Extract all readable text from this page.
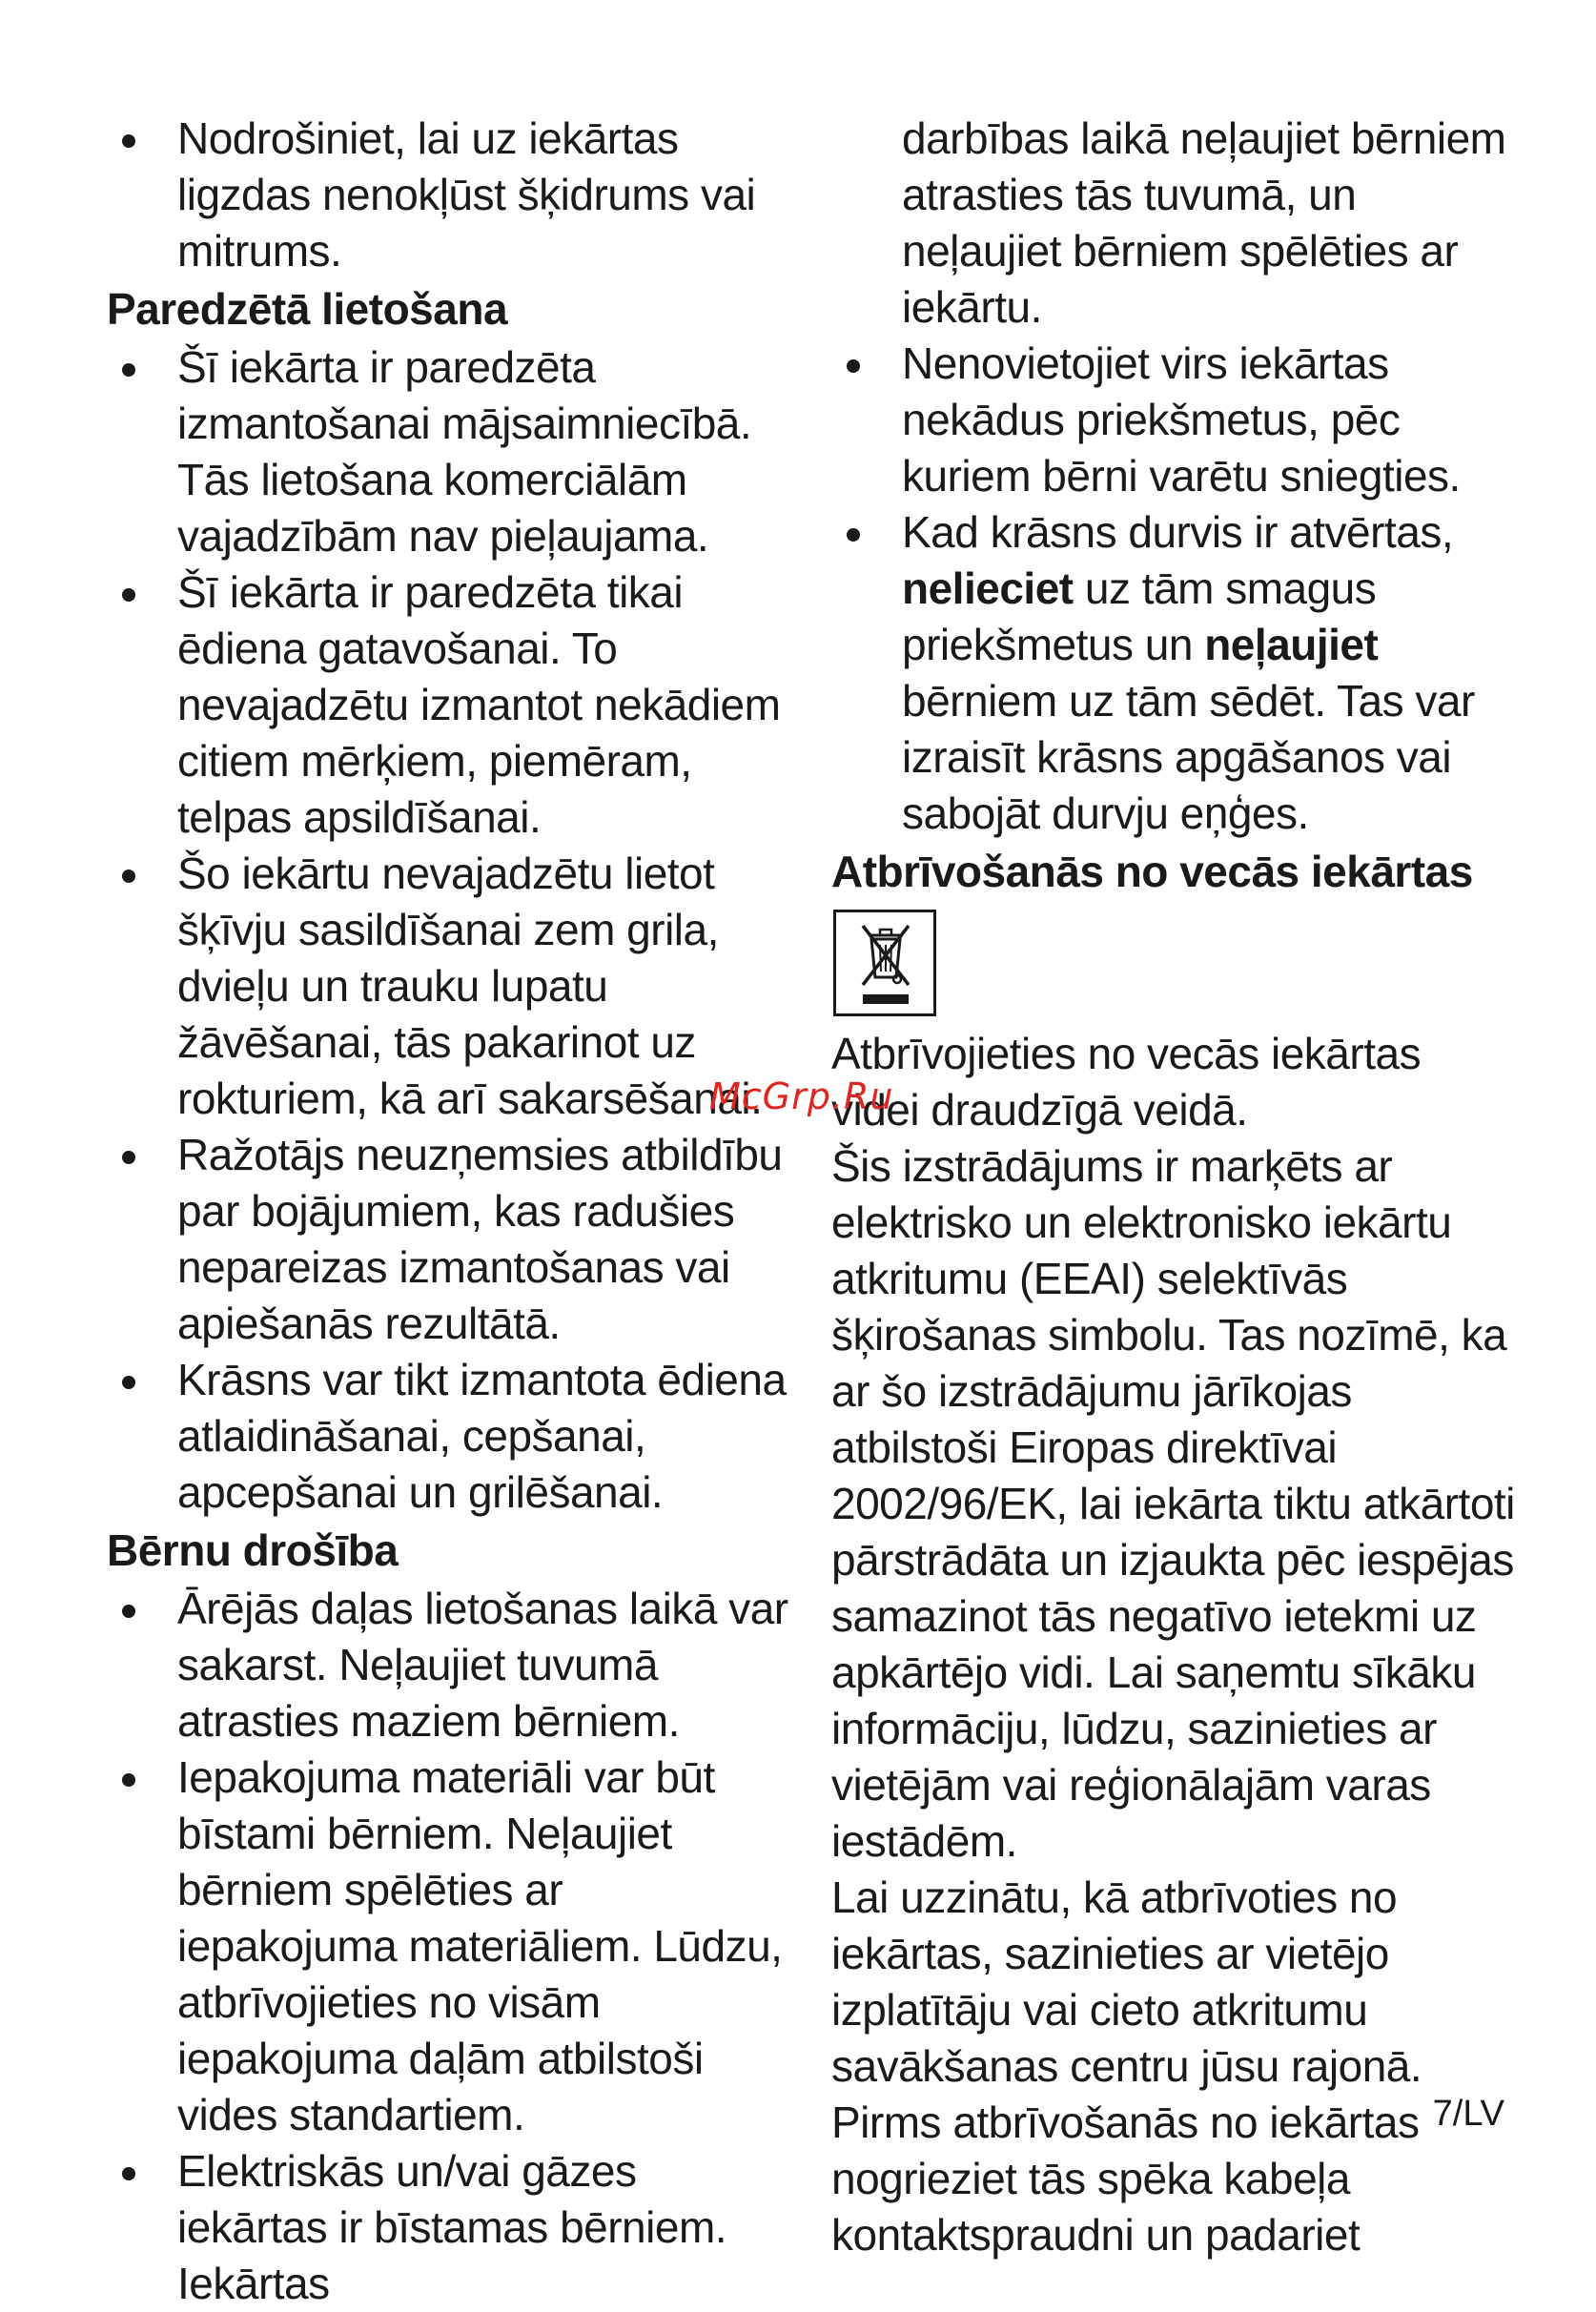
Nodrošiniet, lai uz iekārtas ligzdas nenokļūst šķidrums vai mitrums.
Paredzētā lietošana
Šī iekārta ir paredzēta izmantošanai mājsaimniecībā. Tās lietošana komerciālām vajadzībām nav pieļaujama.
Šī iekārta ir paredzēta tikai ēdiena gatavošanai. To nevajadzētu izmantot nekādiem citiem mērķiem, piemēram, telpas apsildīšanai.
Šo iekārtu nevajadzētu lietot šķīvju sasildīšanai zem grila, dvieļu un trauku lupatu žāvēšanai, tās pakarinot uz rokturiem, kā arī sakarsēšanai.
Ražotājs neuzņemsies atbildību par bojājumiem, kas radušies nepareizas izmantošanas vai apiešanās rezultātā.
Krāsns var tikt izmantota ēdiena atlaidināšanai, cepšanai, apcepšanai un grilēšanai.
Bērnu drošība
Ārējās daļas lietošanas laikā var sakarst. Neļaujiet tuvumā atrasties maziem bērniem.
Iepakojuma materiāli var būt bīstami bērniem. Neļaujiet bērniem spēlēties ar iepakojuma materiāliem. Lūdzu, atbrīvojieties no visām iepakojuma daļām atbilstoši vides standartiem.
Elektriskās un/vai gāzes iekārtas ir bīstamas bērniem. Iekārtas

darbības laikā neļaujiet bērniem atrasties tās tuvumā, un neļaujiet bērniem spēlēties ar iekārtu.

Nenovietojiet virs iekārtas nekādus priekšmetus, pēc kuriem bērni varētu sniegties.
Kad krāsns durvis ir atvērtas, nelieciet uz tām smagus priekšmetus un neļaujiet bērniem uz tām sēdēt. Tas var izraisīt krāsns apgāšanos vai sabojāt durvju eņģes.
Atbrīvošanās no vecās iekārtas

Atbrīvojieties no vecās iekārtas videi draudzīgā veidā.

Šis izstrādājums ir marķēts ar elektrisko un elektronisko iekārtu atkritumu (EEAI) selektīvās šķirošanas simbolu. Tas nozīmē, ka ar šo izstrādājumu jārīkojas atbilstoši Eiropas direktīvai 2002/96/EK, lai iekārta tiktu atkārtoti pārstrādāta un izjaukta pēc iespējas samazinot tās negatīvo ietekmi uz apkārtējo vidi. Lai saņemtu sīkāku informāciju, lūdzu, sazinieties ar vietējām vai reģionālajām varas iestādēm.

Lai uzzinātu, kā atbrīvoties no iekārtas, sazinieties ar vietējo izplatītāju vai cieto atkritumu savākšanas centru jūsu rajonā.

Pirms atbrīvošanās no iekārtas nogrieziet tās spēka kabeļa kontaktspraudni un padariet

McGrp.Ru
7/LV
